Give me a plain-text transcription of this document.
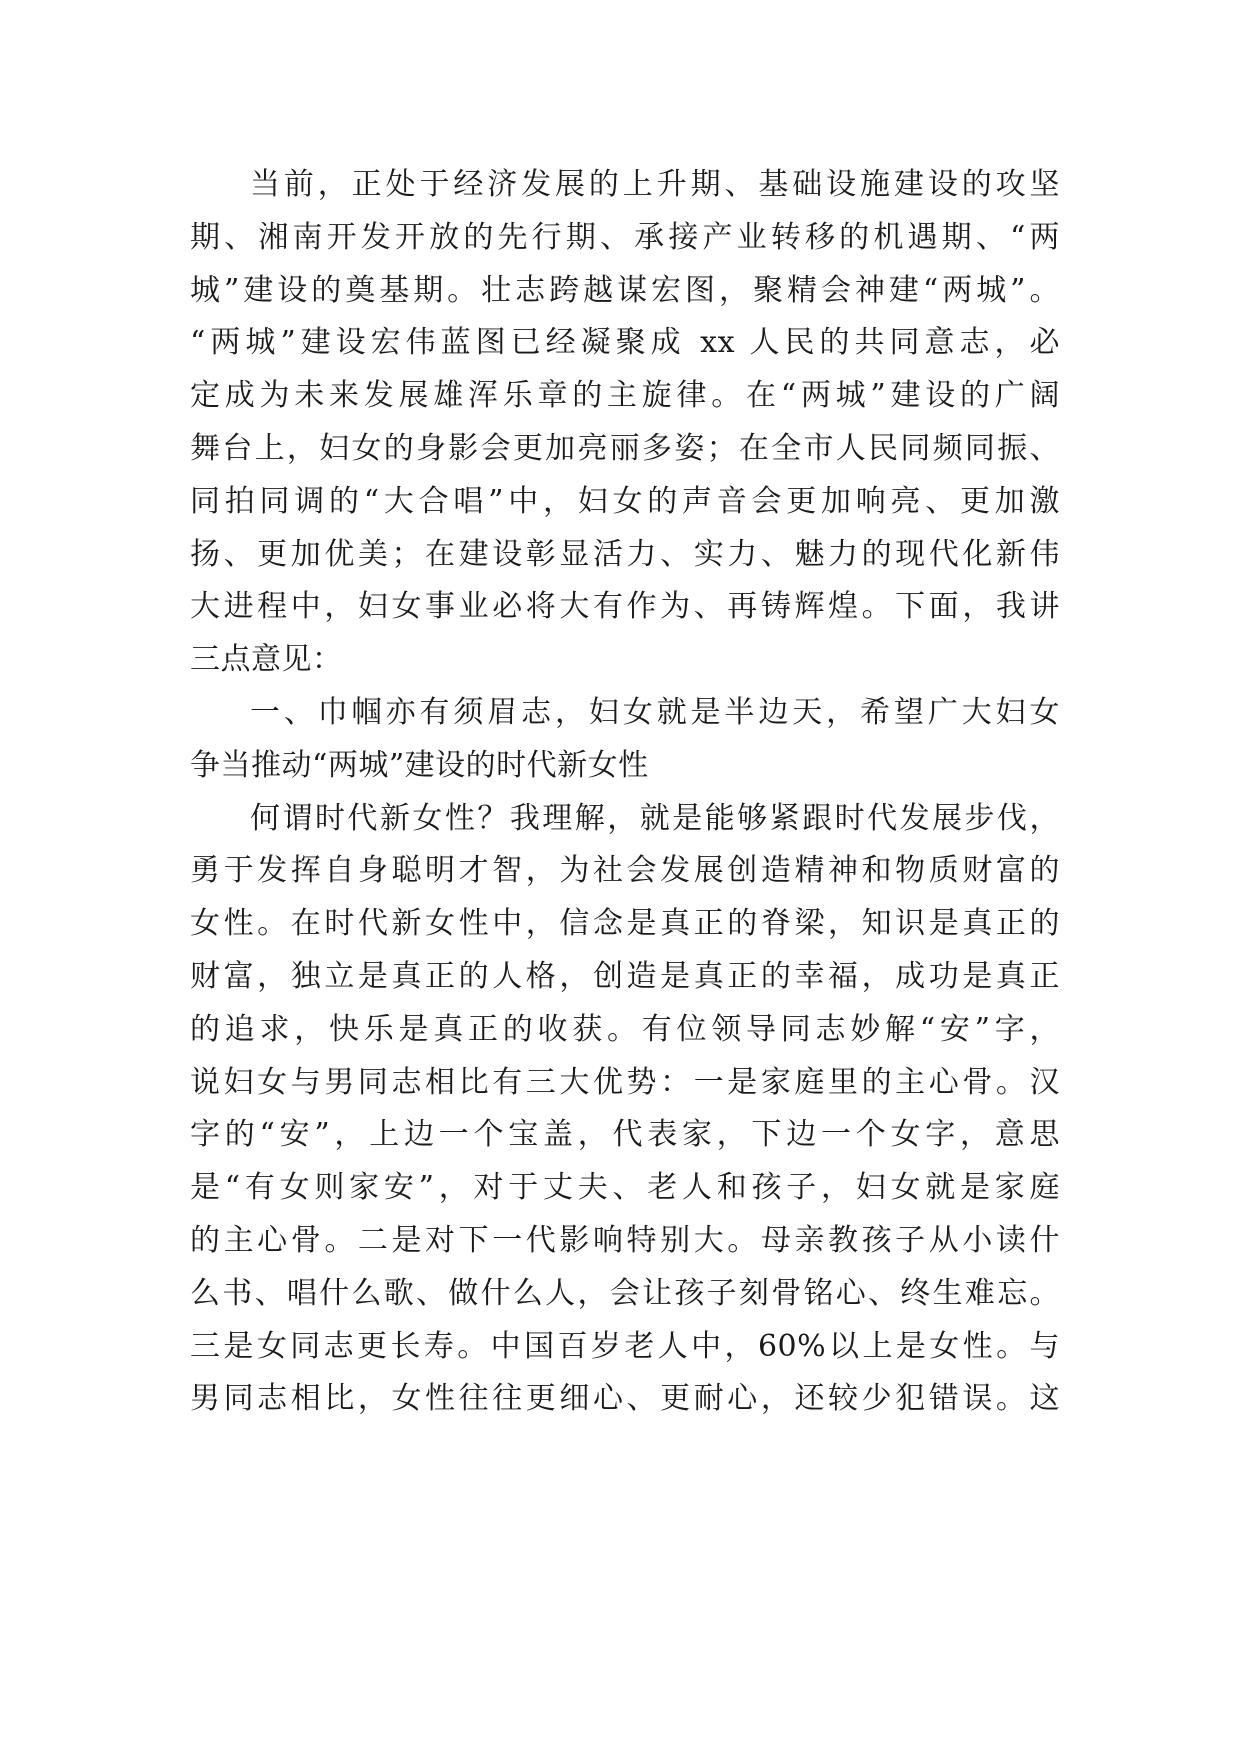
当前，正处于经济发展的上升期、基础设施建设的攻坚
期、湘南开发开放的先行期、承接产业转移的机遇期、“两
城”建设的奠基期。壮志跨越谋宏图，聚精会神建“两城”。
“两城”建设宏伟蓝图已经凝聚成 xx 人民的共同意志，必
定成为未来发展雄浑乐章的主旋律。在“两城”建设的广阔
舞台上，妇女的身影会更加亮丽多姿；在全市人民同频同振、
同拍同调的“大合唱”中，妇女的声音会更加响亮、更加激
扬、更加优美；在建设彰显活力、实力、魅力的现代化新伟
大进程中，妇女事业必将大有作为、再铸辉煌。下面，我讲
三点意见：
一、巾帼亦有须眉志，妇女就是半边天，希望广大妇女
争当推动“两城”建设的时代新女性
何谓时代新女性？我理解，就是能够紧跟时代发展步伐，
勇于发挥自身聪明才智，为社会发展创造精神和物质财富的
女性。在时代新女性中，信念是真正的脊梁，知识是真正的
财富，独立是真正的人格，创造是真正的幸福，成功是真正
的追求，快乐是真正的收获。有位领导同志妙解“安”字，
说妇女与男同志相比有三大优势：一是家庭里的主心骨。汉
字的“安”，上边一个宝盖，代表家，下边一个女字，意思
是“有女则家安”，对于丈夫、老人和孩子，妇女就是家庭
的主心骨。二是对下一代影响特别大。母亲教孩子从小读什
么书、唱什么歌、做什么人，会让孩子刻骨铭心、终生难忘。
三是女同志更长寿。中国百岁老人中，60%以上是女性。与
男同志相比，女性往往更细心、更耐心，还较少犯错误。这
